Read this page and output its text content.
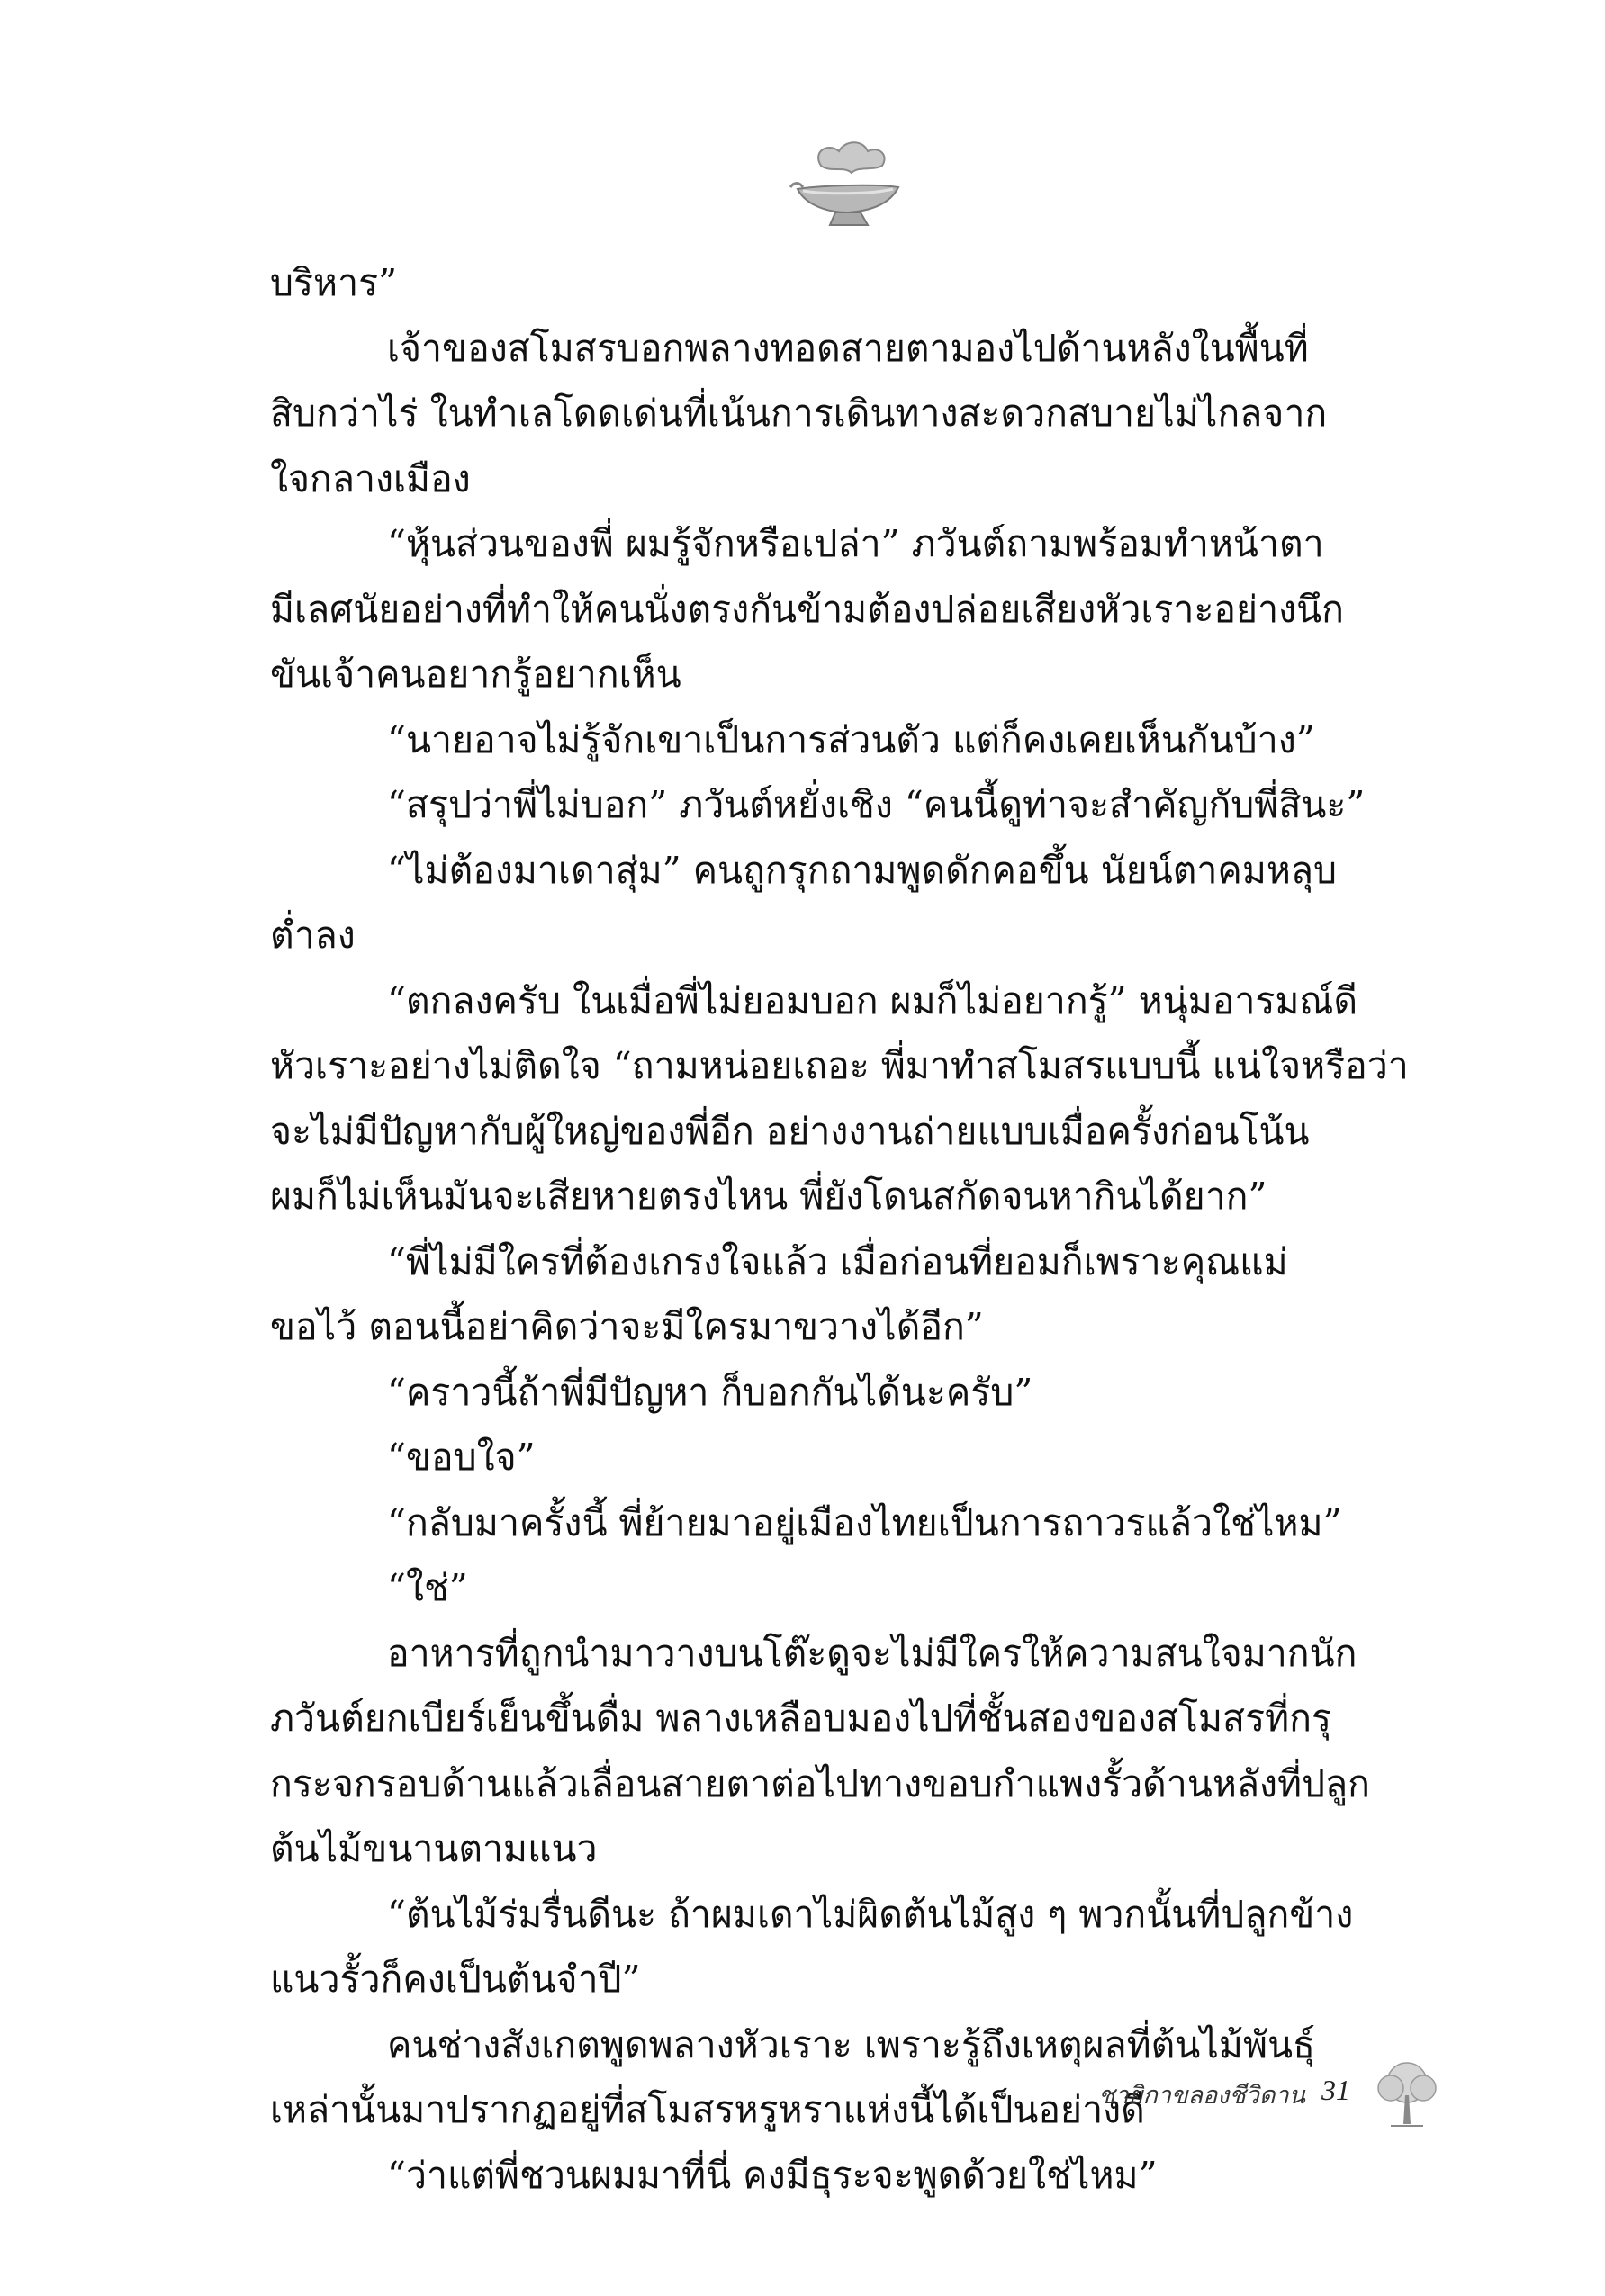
บริหาร”
เจ้าของสโมสรบอกพลางทอดสายตามองไปด้านหลังในพื้นที่
สิบกว่าไร่ ในทำเลโดดเด่นที่เน้นการเดินทางสะดวกสบายไม่ไกลจาก
ใจกลางเมือง
“หุ้นส่วนของพี่ ผมรู้จักหรือเปล่า” ภวันต์ถามพร้อมทำหน้าตา
มีเลศนัยอย่างที่ทำให้คนนั่งตรงกันข้ามต้องปล่อยเสียงหัวเราะอย่างนึก
ขันเจ้าคนอยากรู้อยากเห็น
“นายอาจไม่รู้จักเขาเป็นการส่วนตัว แต่ก็คงเคยเห็นกันบ้าง”
“สรุปว่าพี่ไม่บอก” ภวันต์หยั่งเชิง “คนนี้ดูท่าจะสำคัญกับพี่สินะ”
“ไม่ต้องมาเดาสุ่ม” คนถูกรุกถามพูดดักคอขึ้น นัยน์ตาคมหลุบ
ต่ำลง
“ตกลงครับ ในเมื่อพี่ไม่ยอมบอก ผมก็ไม่อยากรู้” หนุ่มอารมณ์ดี
หัวเราะอย่างไม่ติดใจ “ถามหน่อยเถอะ พี่มาทำสโมสรแบบนี้ แน่ใจหรือว่า
จะไม่มีปัญหากับผู้ใหญ่ของพี่อีก อย่างงานถ่ายแบบเมื่อครั้งก่อนโน้น
ผมก็ไม่เห็นมันจะเสียหายตรงไหน พี่ยังโดนสกัดจนหากินได้ยาก”
“พี่ไม่มีใครที่ต้องเกรงใจแล้ว เมื่อก่อนที่ยอมก็เพราะคุณแม่
ขอไว้ ตอนนี้อย่าคิดว่าจะมีใครมาขวางได้อีก”
“คราวนี้ถ้าพี่มีปัญหา ก็บอกกันได้นะครับ”
“ขอบใจ”
“กลับมาครั้งนี้ พี่ย้ายมาอยู่เมืองไทยเป็นการถาวรแล้วใช่ไหม”
“ใช่”
อาหารที่ถูกนำมาวางบนโต๊ะดูจะไม่มีใครให้ความสนใจมากนัก
ภวันต์ยกเบียร์เย็นขึ้นดื่ม พลางเหลือบมองไปที่ชั้นสองของสโมสรที่กรุ
กระจกรอบด้านแล้วเลื่อนสายตาต่อไปทางขอบกำแพงรั้วด้านหลังที่ปลูก
ต้นไม้ขนานตามแนว
“ต้นไม้ร่มรื่นดีนะ ถ้าผมเดาไม่ผิดต้นไม้สูง ๆ พวกนั้นที่ปลูกข้าง
แนวรั้วก็คงเป็นต้นจำปี”
คนช่างสังเกตพูดพลางหัวเราะ เพราะรู้ถึงเหตุผลที่ต้นไม้พันธุ์
เหล่านั้นมาปรากฏอยู่ที่สโมสรหรูหราแห่งนี้ได้เป็นอย่างดี
“ว่าแต่พี่ชวนผมมาที่นี่ คงมีธุระจะพูดด้วยใช่ไหม”
ชายิกาขลองชีวิดาน 31
